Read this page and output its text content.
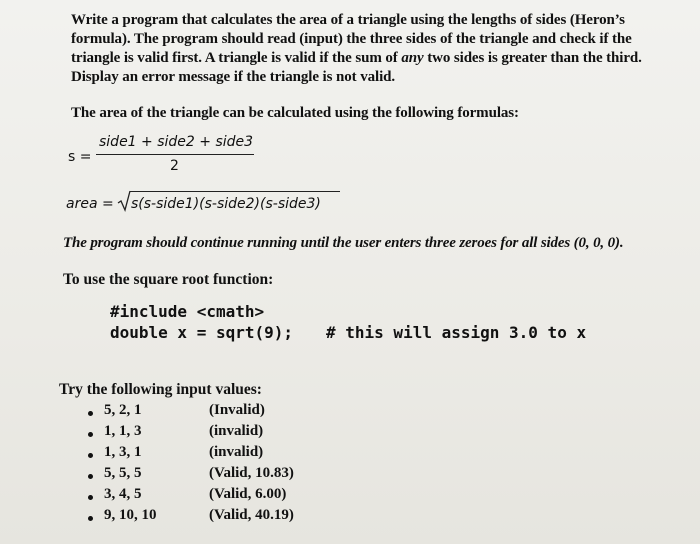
Write a program that calculates the area of a triangle using the lengths of sides (Heron’s
formula). The program should read (input) the three sides of the triangle and check if the
triangle is valid first. A triangle is valid if the sum of any two sides is greater than the third.
Display an error message if the triangle is not valid.
The area of the triangle can be calculated using the following formulas:
s =
side1 + side2 + side3
2
area = s(s-side1)(s-side2)(s-side3)
The program should continue running until the user enters three zeroes for all sides (0, 0, 0).
To use the square root function:
#include <cmath>
double x = sqrt(9); # this will assign 3.0 to x
Try the following input values:
5, 2, 1	(Invalid)
1, 1, 3	(invalid)
1, 3, 1	(invalid)
5, 5, 5	(Valid, 10.83)
3, 4, 5	(Valid, 6.00)
9, 10, 10	(Valid, 40.19)
